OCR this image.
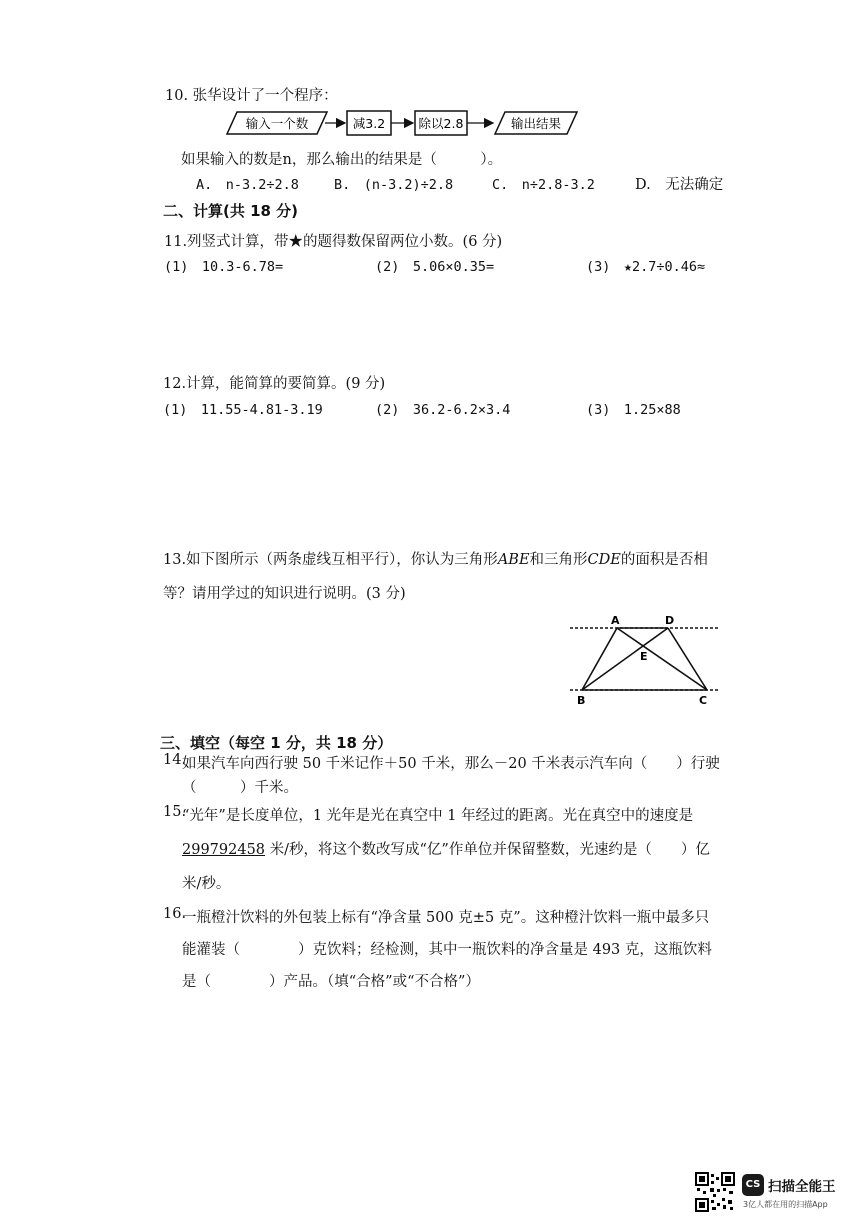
10. 张华设计了一个程序：
输入一个数	减3.2	除以2.8	输出结果
如果输入的数是n，那么输出的结果是（　　　）。
A.　n-3.2÷2.8	B.　(n-3.2)÷2.8	C.　n÷2.8-3.2	D.　无法确定
二、计算(共 18 分)
11.列竖式计算，带★的题得数保留两位小数。(6 分)
(1)　10.3-6.78=	(2)　5.06×0.35=	(3)　★2.7÷0.46≈
12.计算，能简算的要简算。(9 分)
(1)　11.55-4.81-3.19	(2)　36.2-6.2×3.4	(3)　1.25×88
13.如下图所示（两条虚线互相平行），你认为三角形ABE和三角形CDE的面积是否相
等？请用学过的知识进行说明。(3 分)
A	D
E
B	C
三、填空（每空 1 分，共 18 分）
14.
如果汽车向西行驶 50 千米记作＋50 千米，那么－20 千米表示汽车向（　　）行驶
（　　　）千米。
15.
“光年”是长度单位，1 光年是光在真空中 1 年经过的距离。光在真空中的速度是
299792458 米/秒，将这个数改写成“亿”作单位并保留整数，光速约是（　　）亿
米/秒。
16.
一瓶橙汁饮料的外包装上标有“净含量 500 克±5 克”。这种橙汁饮料一瓶中最多只
能灌装（　　　　）克饮料；经检测，其中一瓶饮料的净含量是 493 克，这瓶饮料
是（　　　　）产品。（填“合格”或“不合格”）
CS 扫描全能王
3亿人都在用的扫描App
